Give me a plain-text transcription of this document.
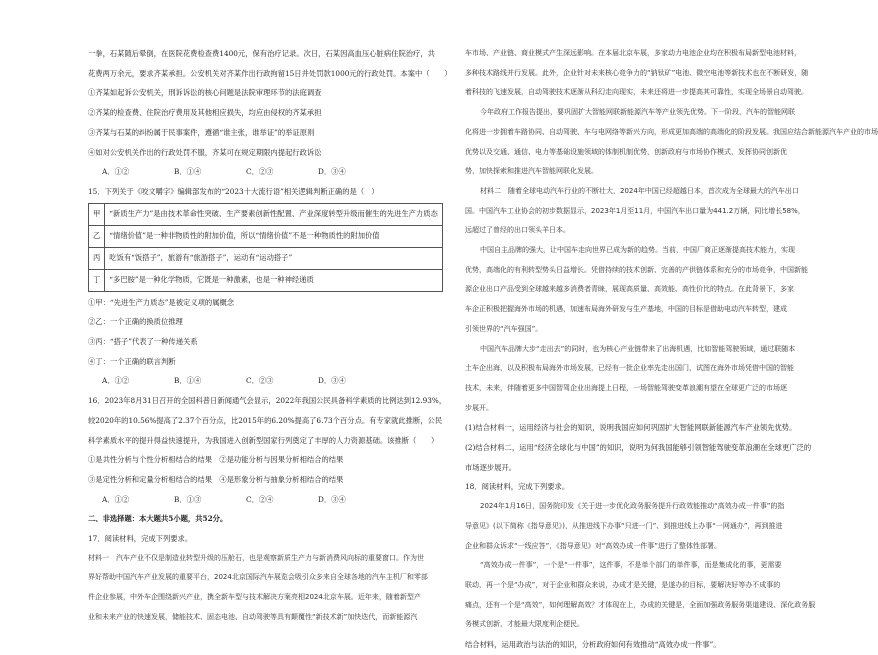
一拳，石某随后晕倒，在医院花费检查费1400元，保有治疗记录。次日，石某因高血压心脏病住院治疗，共
花费两万余元，要求齐某承担。公安机关对齐某作出行政拘留15日并处罚款1000元的行政处罚。本案中（　　）
①齐某如起诉公安机关，刑诉诉讼的核心问题是法院审理环节的法庭调查
②齐某的检查费、住院治疗费用及其他相应损失，均应由侵权的齐某承担
③齐某与石某的纠纷属于民事案件，遵循“谁主张，谁举证”的举证原则
④如对公安机关作出的行政处罚不服，齐某可在规定期限内提起行政诉讼
A．①②	B．①④	C．②③	D．③④
15．下列关于《咬文嚼字》编辑部发布的“2023十大流行语”相关逻辑判断正确的是（　）
甲	“新质生产力”是由技术革命性突破、生产要素创新性配置、产业深度转型升级而催生的先进生产力质态
乙	“情绪价值”是一种非物质性的附加价值，所以“情绪价值”不是一种物质性的附加价值
丙	吃饭有“饭搭子”，旅游有“旅游搭子”，运动有“运动搭子”
丁	“多巴胺”是一种化学物质，它既是一种激素，也是一种神经递质
①甲：“先进生产力质态”是被定义项的属概念
②乙：一个正确的换质位推理
③丙：“搭子”代表了一种传递关系
④丁：一个正确的联言判断
A．①②	B．①④	C．②③	D．③④
16．2023年8月31日召开的全国科普日新闻通气会显示，2022年我国公民具备科学素质的比例达到12.93%，
较2020年的10.56%提高了2.37个百分点，比2015年的6.20%提高了6.73个百分点。有专家就此推断，公民
科学素质水平的提升得益快速提升，为我国进入创新型国家行列奠定了丰厚的人力资源基础。该推断（　　）
①是共性分析与个性分析相结合的结果　②是功能分析与因果分析相结合的结果
③是定性分析和定量分析相结合的结果　④是形象分析与抽象分析相结合的结果
A．①②	B．①③	C．②④	D．③④
二、非选择题：本大题共5小题，共52分。
17．阅读材料，完成下列要求。
材料一　汽车产业不仅是制造业转型升级的压舱石，也是观察新质生产力与新消费风向标的重要窗口。作为世
界好帮助中国汽车产业发展的重要平台，2024北京国际汽车展览会吸引众多来自全球各地的汽车主机厂和零部
件企业参展，中外车企围绕新兴产业，携全新车型与技术解决方案亮相2024北京车展。近年来，随着新型产
业和未来产业的快速发展，储能技术、固态电池、自动驾驶等具有颠覆性“新技术新”加快迭代，而新能源汽
车市场、产业链、商业模式产生深远影响。在本届北京车展，多家动力电池企业均在积极布局新型电池材料，
多种技术路线并行发展。此外，企业针对未来核心竞争力的“钠钛矿”电池、微空电池等新技术也在不断研发，随
着科技的飞速发展，自动驾驶技术逐渐从科幻走向现实，未来还将进一步提高其可靠性，实现全场景自动驾驶。
今年政府工作报告提出，要巩固扩大智能网联新能源汽车等产业领先优势。下一阶段，汽车的智能网联
化将进一步拥着车路协同、自动驾驶、车与电网络等新兴方向，形成更加高端的高端化的阶段发展。我国应结合新能源汽车产业的市场
优势以及交通、通信、电力等基础设施领域的体制机制优势，创新政府与市场协作模式，发挥协同创新优
势，加快探索和推进汽车智能网联化发展。
材料二　随着全球电动汽车行业的不断壮大，2024年中国已经超越日本，首次成为全球最大的汽车出口
国。中国汽车工业协会的初步数据显示，2023年1月至11月，中国汽车出口量为441.2万辆，同比增长58%，
远超过了曾经的出口领头羊日本。
中国自主品牌的强大，让中国车走向世界已成为新的趋势。当前，中国厂商正逐渐提高技术能力，实现
优势，高端化的有利转型势头日益增长。凭借持续的技术创新、完善的产供链体系和充分的市场竞争，中国新能
源企业出口产品受到全球越来越多消费者青睐，展现高质量、高效能、高性价比的特点。在此背景下，多家
车企正积极把握海外市场的机遇，加速布局海外研发与生产基地，中国的目标是借助电动汽车转型，建成
引领世界的“汽车强国”。
中国汽车品牌大步“走出去”的同时，也为核心产业链带来了出海机遇，比如智能驾驶领域，通过联随本
土车企出海，以及积极布局海外市场发展，已经有一批企业率先走出国门，试图在海外市场凭借中国的智能
技术，未来，伴随着更多中国智驾企业出海提上日程，一场智能驾驶变革浪潮有望在全球更广泛的市场逐
步展开。
(1)结合材料一，运用经济与社会的知识，说明我国应如何巩固扩大智能网联新能源汽车产业领先优势。
(2)结合材料二，运用“经济全球化与中国”的知识，说明为何我国能够引领智能驾驶变革浪潮在全球更广泛的
市场逐步展开。
18．阅读材料，完成下列要求。
2024年1月16日，国务院印发《关于进一步优化政务服务提升行政效能推动“高效办成一件事”的指
导意见》(以下简称《指导意见》)，从推进线下办事“只进一门”、到推进线上办事“一网通办”，再到推进
企业和群众诉求“一线应答”，《指导意见》对“高效办成一件事”进行了整体性部署。
“高效办成一件事”，一个是“一件事”，这件事，不是单个部门的单件事，而是集成化的事，更需要
联动，再一个是“办成”，对于企业和群众来说，办成才是关键，是遂办的目标，要解决好等办不成事的
痛点，还有一个是“高效”，如何理解高效？才体现在上，办成的关键是，全面加强政务服务渠道建设、深化政务服
务模式创新，才能最大限度利企便民。
结合材料，运用政治与法治的知识，分析政府如何有效推动“高效办成一件事”。
